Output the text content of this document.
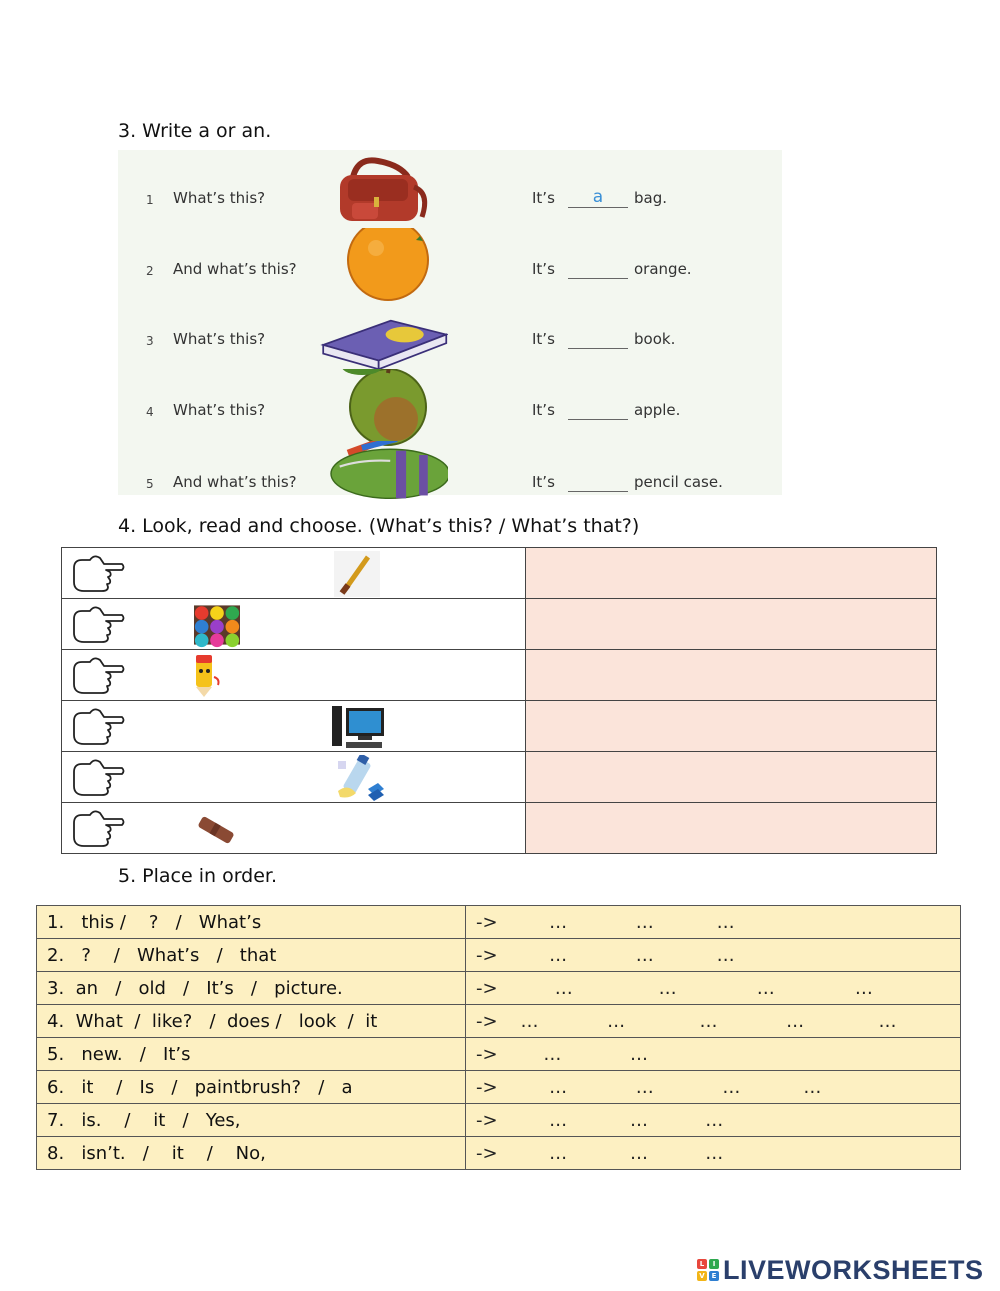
3. Write a or an.
1 What’s this?	It’s	a	bag.
2 And what’s this?	It’s	orange.
3 What’s this?	It’s	book.
4 What’s this?	It’s	apple.
5 And what’s this?	It’s	pencil case.
4. Look, read and choose. (What’s this? / What’s that?)

5. Place in order.
1.   this /    ?   /   What’s	->         …            …           …
2.   ?    /   What’s   /   that	->         …            …           …
3.  an   /   old   /   It’s   /   picture.	->          …               …              …              …
4.  What  /  like?   /  does /   look  /  it	->    …            …             …            …             …
5.   new.   /   It’s	->        …            …
6.   it    /   Is   /   paintbrush?   /   a	->         …            …            …           …
7.   is.    /    it   /   Yes,	->         …           …          …
8.   isn’t.   /    it    /    No,	->         …           …          …
L	I
V E LIVEWORKSHEETS
